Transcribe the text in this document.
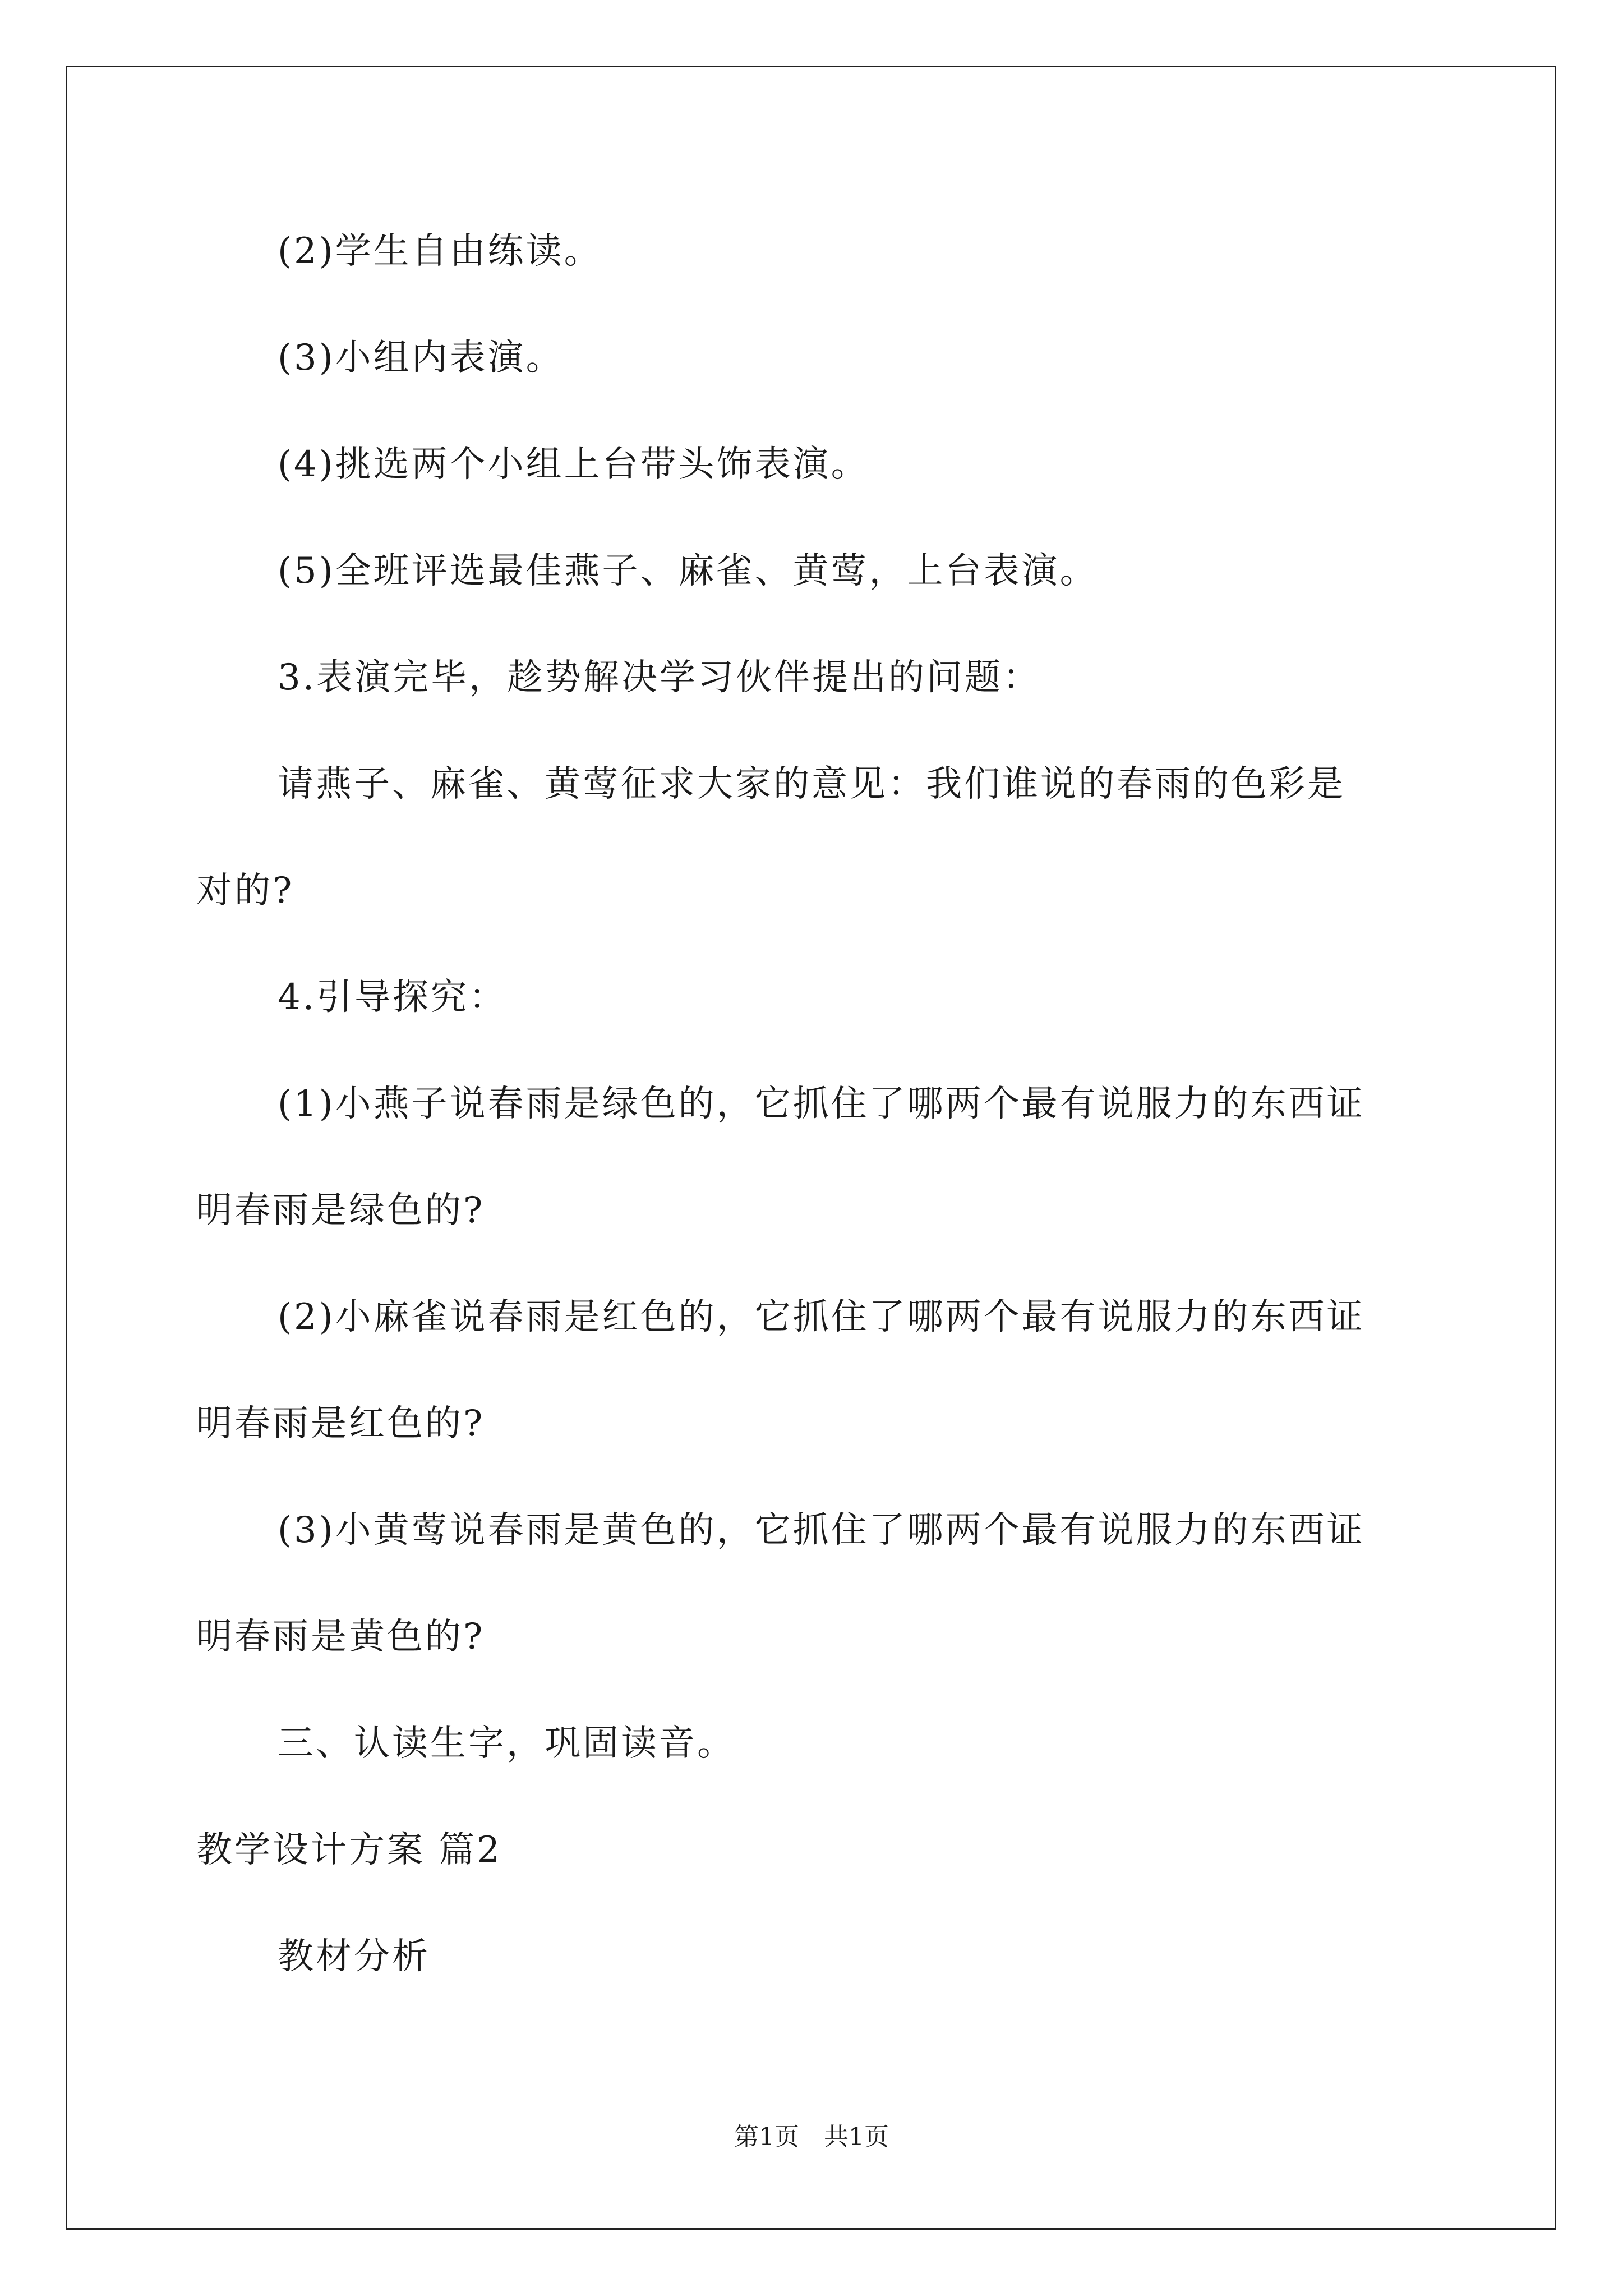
(2)学生自由练读。
(3)小组内表演。
(4)挑选两个小组上台带头饰表演。
(5)全班评选最佳燕子、麻雀、黄莺，上台表演。
3.表演完毕，趁势解决学习伙伴提出的问题：
请燕子、麻雀、黄莺征求大家的意见：我们谁说的春雨的色彩是
对的?
4.引导探究：
(1)小燕子说春雨是绿色的，它抓住了哪两个最有说服力的东西证
明春雨是绿色的?
(2)小麻雀说春雨是红色的，它抓住了哪两个最有说服力的东西证
明春雨是红色的?
(3)小黄莺说春雨是黄色的，它抓住了哪两个最有说服力的东西证
明春雨是黄色的?
三、认读生字，巩固读音。
教学设计方案 篇2
教材分析
第1页　共1页
